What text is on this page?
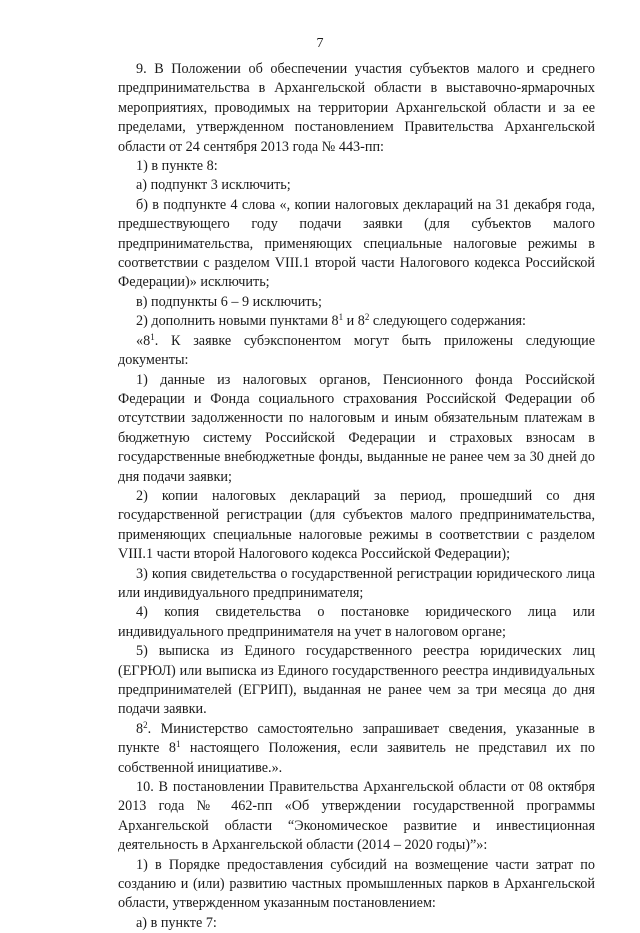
7

9. В Положении об обеспечении участия субъектов малого и среднего предпринимательства в Архангельской области в выставочно-ярмарочных мероприятиях, проводимых на территории Архангельской области и за ее пределами, утвержденном постановлением Правительства Архангельской области от 24 сентября 2013 года № 443-пп:

1) в пункте 8:

а) подпункт 3 исключить;

б) в подпункте 4 слова «, копии налоговых деклараций на 31 декабря года, предшествующего году подачи заявки (для субъектов малого предпринимательства, применяющих специальные налоговые режимы в соответствии с разделом VIII.1 второй части Налогового кодекса Российской Федерации)» исключить;

в) подпункты 6 – 9 исключить;

2) дополнить новыми пунктами $8^1$ и $8^2$ следующего содержания:

«$8^1$. К заявке субэкспонентом могут быть приложены следующие документы:

1) данные из налоговых органов, Пенсионного фонда Российской Федерации и Фонда социального страхования Российской Федерации об отсутствии задолженности по налоговым и иным обязательным платежам в бюджетную систему Российской Федерации и страховых взносам в государственные внебюджетные фонды, выданные не ранее чем за 30 дней до дня подачи заявки;

2) копии налоговых деклараций за период, прошедший со дня государственной регистрации (для субъектов малого предпринимательства, применяющих специальные налоговые режимы в соответствии с разделом VIII.1 части второй Налогового кодекса Российской Федерации);

3) копия свидетельства о государственной регистрации юридического лица или индивидуального предпринимателя;

4) копия свидетельства о постановке юридического лица или индивидуального предпринимателя на учет в налоговом органе;

5) выписка из Единого государственного реестра юридических лиц (ЕГРЮЛ) или выписка из Единого государственного реестра индивидуальных предпринимателей (ЕГРИП), выданная не ранее чем за три месяца до дня подачи заявки.

$8^2$. Министерство самостоятельно запрашивает сведения, указанные в пункте $8^1$ настоящего Положения, если заявитель не представил их по собственной инициативе.».

10. В постановлении Правительства Архангельской области от 08 октября 2013 года № 462-пп «Об утверждении государственной программы Архангельской области “Экономическое развитие и инвестиционная деятельность в Архангельской области (2014 – 2020 годы)”»:

1) в Порядке предоставления субсидий на возмещение части затрат по созданию и (или) развитию частных промышленных парков в Архангельской области, утвержденном указанным постановлением:

а) в пункте 7:
